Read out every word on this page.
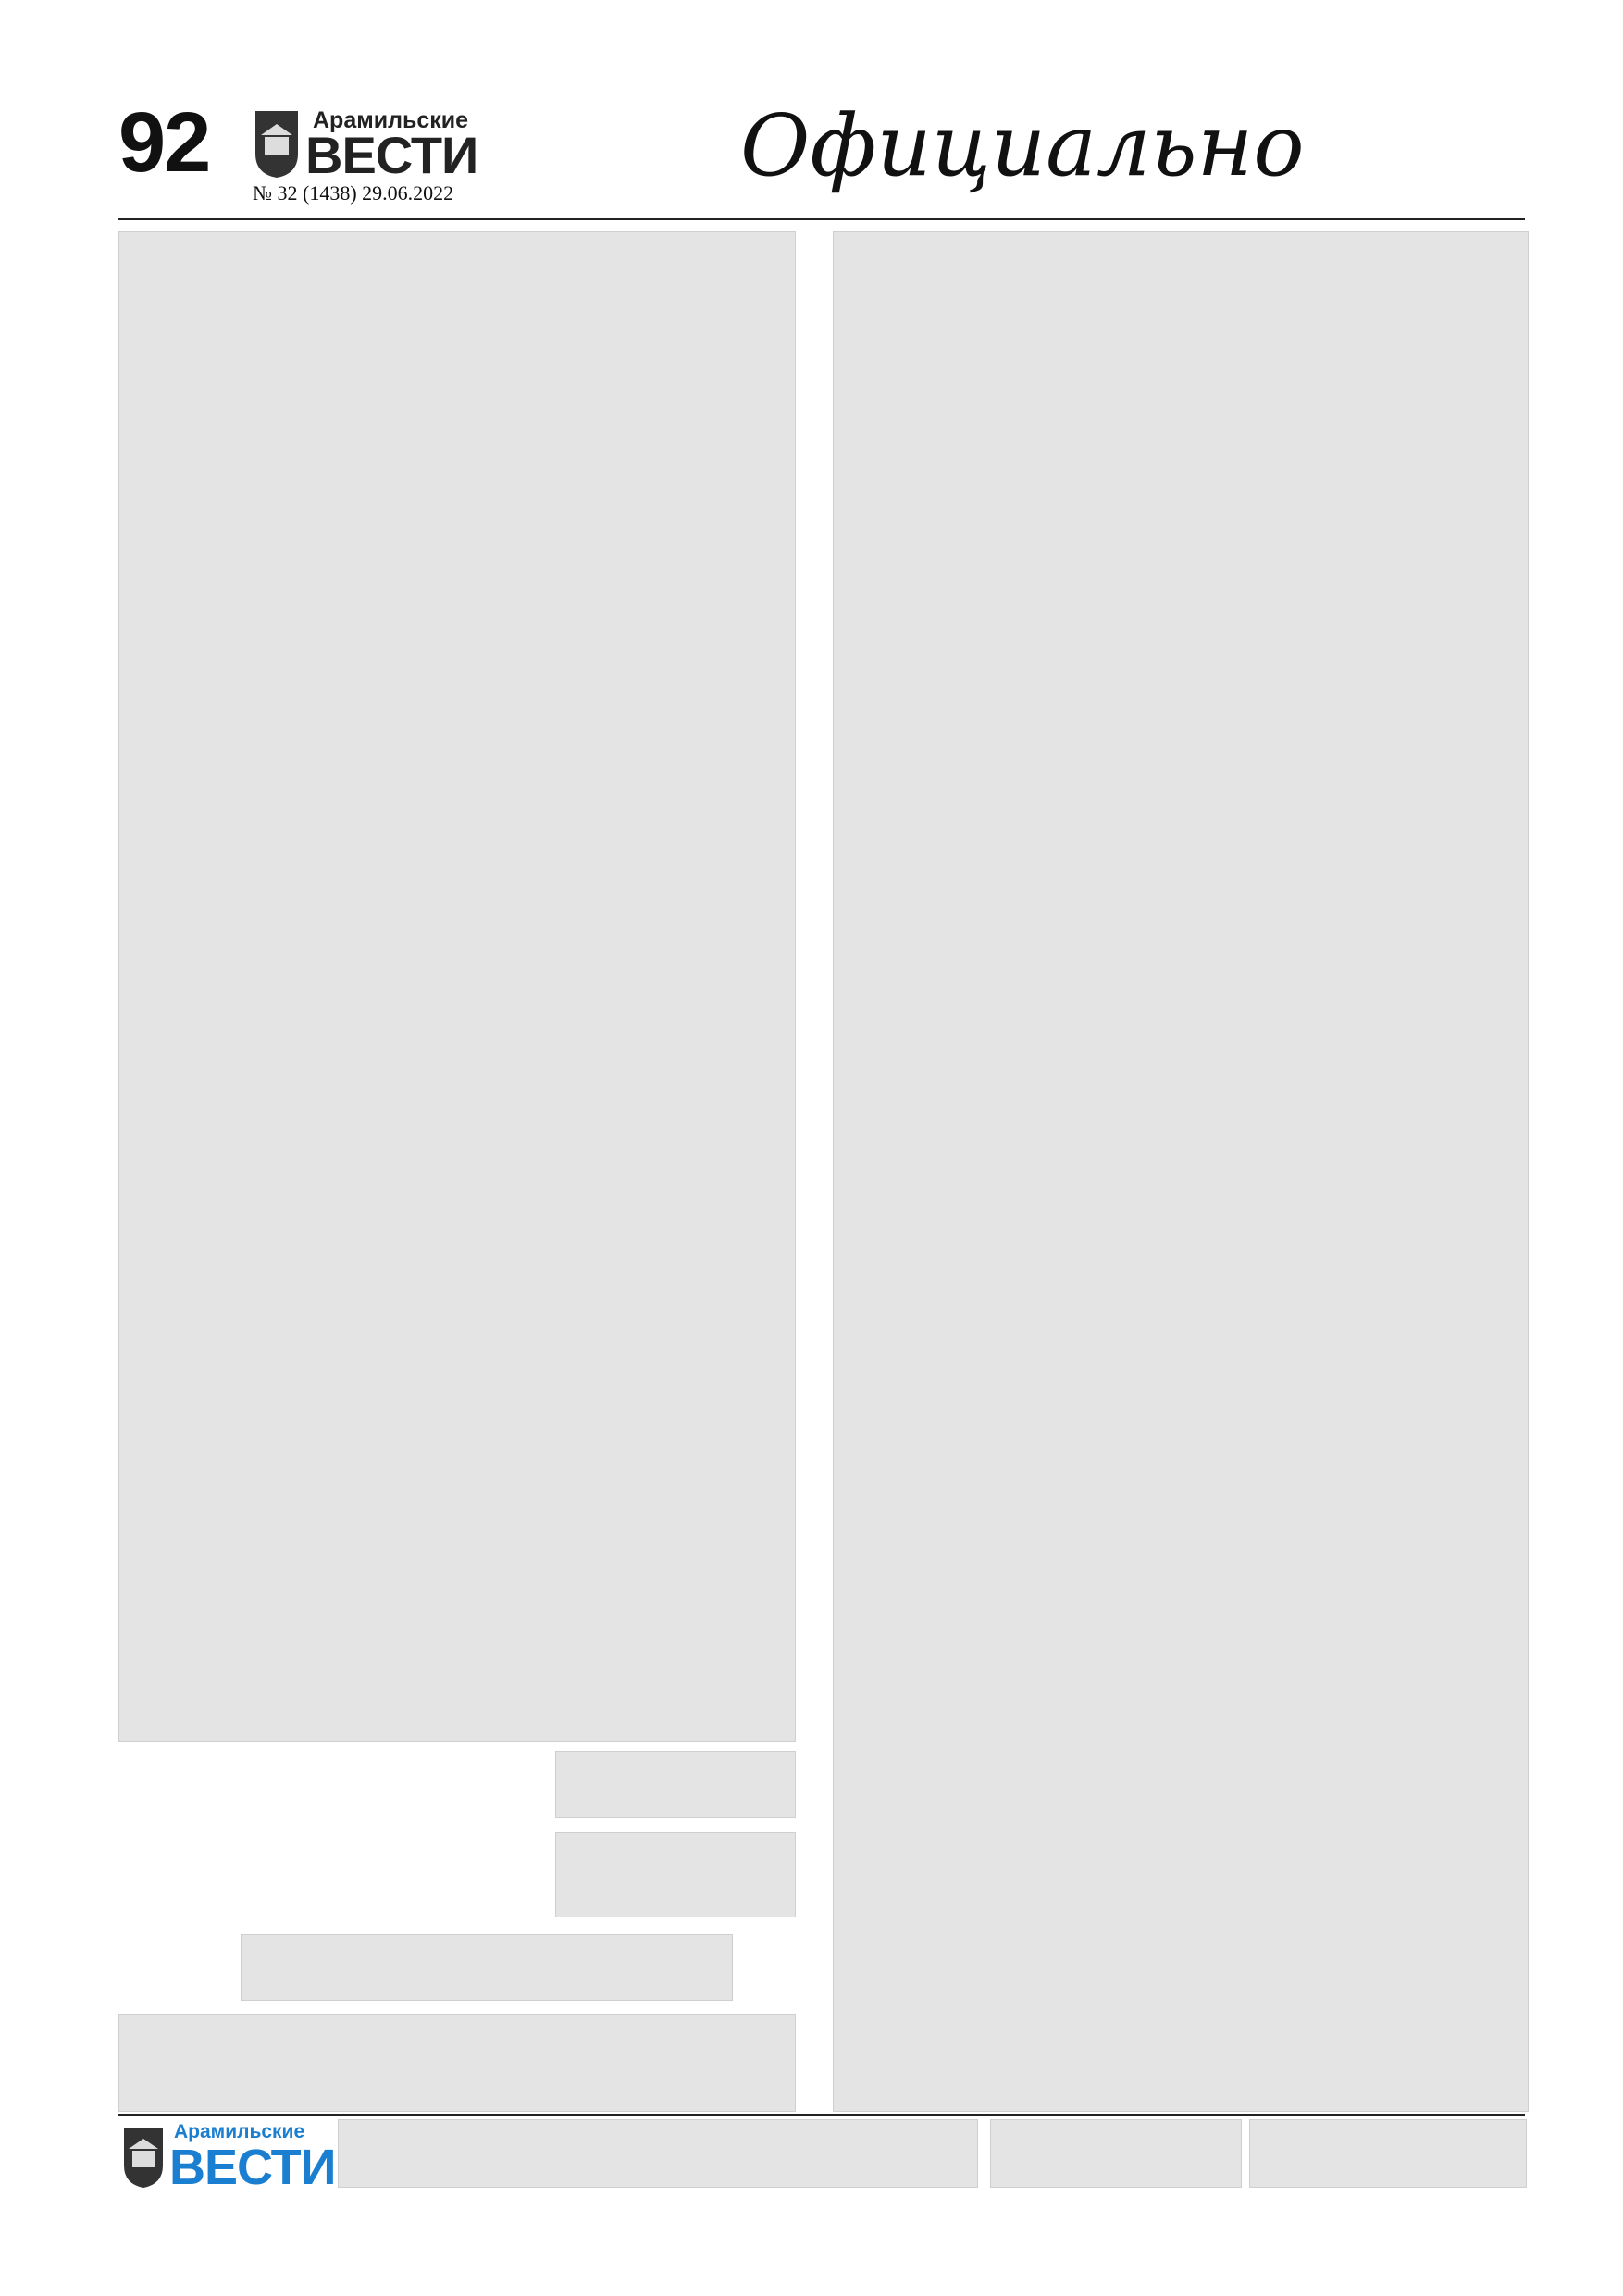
92	Арамильские
ВЕСТИ
№ 32 (1438) 29.06.2022	Официально
Арамильские
ВЕСТИ
